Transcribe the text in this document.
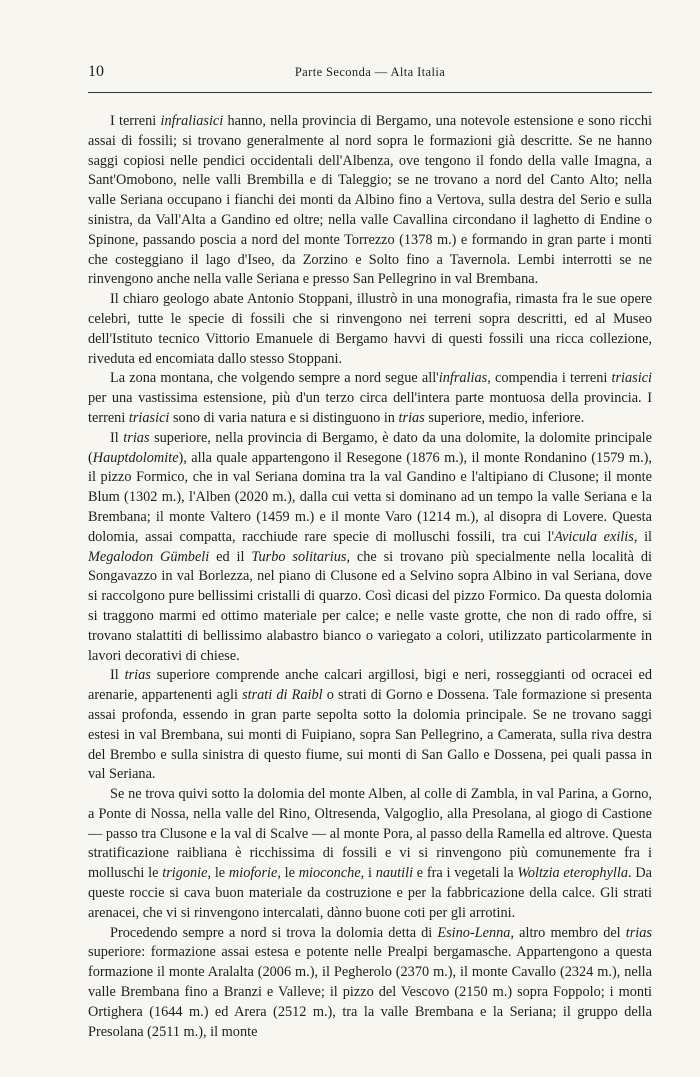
10	Parte Seconda — Alta Italia

I terreni infraliasici hanno, nella provincia di Bergamo, una notevole estensione e sono ricchi assai di fossili; si trovano generalmente al nord sopra le formazioni già descritte. Se ne hanno saggi copiosi nelle pendici occidentali dell'Albenza, ove tengono il fondo della valle Imagna, a Sant'Omobono, nelle valli Brembilla e di Taleggio; se ne trovano a nord del Canto Alto; nella valle Seriana occupano i fianchi dei monti da Albino fino a Vertova, sulla destra del Serio e sulla sinistra, da Vall'Alta a Gandino ed oltre; nella valle Cavallina circondano il laghetto di Endine o Spinone, passando poscia a nord del monte Torrezzo (1378 m.) e formando in gran parte i monti che costeggiano il lago d'Iseo, da Zorzino e Solto fino a Tavernola. Lembi interrotti se ne rinvengono anche nella valle Seriana e presso San Pellegrino in val Brembana.

Il chiaro geologo abate Antonio Stoppani, illustrò in una monografia, rimasta fra le sue opere celebri, tutte le specie di fossili che si rinvengono nei terreni sopra descritti, ed al Museo dell'Istituto tecnico Vittorio Emanuele di Bergamo havvi di questi fossili una ricca collezione, riveduta ed encomiata dallo stesso Stoppani.

La zona montana, che volgendo sempre a nord segue all'infralias, compendia i terreni triasici per una vastissima estensione, più d'un terzo circa dell'intera parte montuosa della provincia. I terreni triasici sono di varia natura e si distinguono in trias superiore, medio, inferiore.

Il trias superiore, nella provincia di Bergamo, è dato da una dolomite, la dolomite principale (Hauptdolomite), alla quale appartengono il Resegone (1876 m.), il monte Rondanino (1579 m.), il pizzo Formico, che in val Seriana domina tra la val Gandino e l'altipiano di Clusone; il monte Blum (1302 m.), l'Alben (2020 m.), dalla cui vetta si dominano ad un tempo la valle Seriana e la Brembana; il monte Valtero (1459 m.) e il monte Varo (1214 m.), al disopra di Lovere. Questa dolomia, assai compatta, racchiude rare specie di molluschi fossili, tra cui l'Avicula exilis, il Megalodon Gümbeli ed il Turbo solitarius, che si trovano più specialmente nella località di Songavazzo in val Borlezza, nel piano di Clusone ed a Selvino sopra Albino in val Seriana, dove si raccolgono pure bellissimi cristalli di quarzo. Così dicasi del pizzo Formico. Da questa dolomia si traggono marmi ed ottimo materiale per calce; e nelle vaste grotte, che non di rado offre, si trovano stalattiti di bellissimo alabastro bianco o variegato a colori, utilizzato particolarmente in lavori decorativi di chiese.

Il trias superiore comprende anche calcari argillosi, bigi e neri, rosseggianti od ocracei ed arenarie, appartenenti agli strati di Raibl o strati di Gorno e Dossena. Tale formazione si presenta assai profonda, essendo in gran parte sepolta sotto la dolomia principale. Se ne trovano saggi estesi in val Brembana, sui monti di Fuipiano, sopra San Pellegrino, a Camerata, sulla riva destra del Brembo e sulla sinistra di questo fiume, sui monti di San Gallo e Dossena, pei quali passa in val Seriana.

Se ne trova quivi sotto la dolomia del monte Alben, al colle di Zambla, in val Parina, a Gorno, a Ponte di Nossa, nella valle del Rino, Oltresenda, Valgoglio, alla Presolana, al giogo di Castione — passo tra Clusone e la val di Scalve — al monte Pora, al passo della Ramella ed altrove. Questa stratificazione raibliana è ricchissima di fossili e vi si rinvengono più comunemente fra i molluschi le trigonie, le mioforie, le mioconche, i nautili e fra i vegetali la Woltzia eterophylla. Da queste roccie si cava buon materiale da costruzione e per la fabbricazione della calce. Gli strati arenacei, che vi si rinvengono intercalati, dànno buone coti per gli arrotini.

Procedendo sempre a nord si trova la dolomia detta di Esino-Lenna, altro membro del trias superiore: formazione assai estesa e potente nelle Prealpi bergamasche. Appartengono a questa formazione il monte Aralalta (2006 m.), il Pegherolo (2370 m.), il monte Cavallo (2324 m.), nella valle Brembana fino a Branzi e Valleve; il pizzo del Vescovo (2150 m.) sopra Foppolo; i monti Ortighera (1644 m.) ed Arera (2512 m.), tra la valle Brembana e la Seriana; il gruppo della Presolana (2511 m.), il monte
